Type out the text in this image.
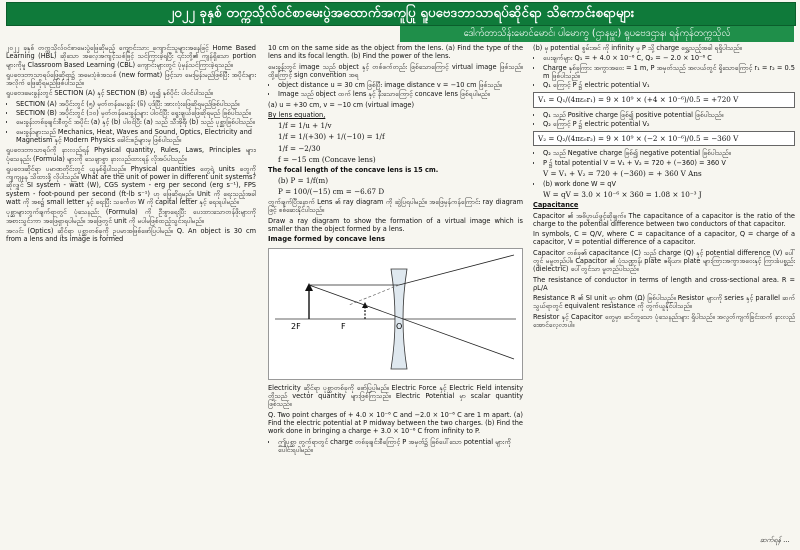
၂၀၂၂ ခုနှစ် တက္ကသိုလ်ဝင်စာမေးပွဲအထောက်အကူပြု ရူပဗေဒဘာသာရပ်ဆိုင်ရာ သိကောင်းစရာများ
ဒေါက်တာသိန်းမောင်မောင်၊ ပါမောက္ခ (ဌာနမှူး) ရူပဗေဒဌာန၊ ရန်ကုန်တက္ကသိုလ်

၂၀၂၂ ခုနှစ် တက္ကသိုလ်ဝင်စာမေးပွဲဖြေဆိုမည့် ကျောင်းသား ကျောင်းသူများအနေဖြင့် Home Based Learning (HBL) ဆိုသော အလေ့အကျင့်သစ်ဖြင့် သင်ကြားခဲ့ရပြီး ၎င်းတို့၏ ကျန်ရှိသော portion များကိုမူ Classroom Based Learning (CBL) ကျောင်းများတွင် ပုံမှန်သင်ကြားခဲ့ရသည်။

ရူပဗေဒဘာသာရပ်ဖြေဆိုရာ၌ အမေးပုံစံအသစ် (new format) ဖြင့်သာ မေးမြန်းမည်ဖြစ်ပြီး အပိုင်းများအလိုက် ဖြေဆိုရမည်ဖြစ်ပါသည်။

ရူပဗေဒမေးခွန်းတွင် SECTION (A) နှင့် SECTION (B) ဟူ၍ နှစ်ပိုင်း ပါဝင်ပါသည်။

• SECTION (A) အပိုင်းတွင် (၅) မှတ်တန်မေးခွန်း (၆) ပုဒ်ပြီး အားလုံးဖြေဆိုရမည်ဖြစ်ပါသည်။
• SECTION (B) အပိုင်းတွင် (၁၀) မှတ်တန်မေးခွန်းများ ပါဝင်ပြီး ရွေးချယ်ဖြေဆိုရမည် ဖြစ်ပါသည်။
• မေးခွန်းတစ်ခုချင်းစီတွင် အပိုင်း (a) နှင့် (b) ပါဝင်ပြီး (a) သည် သီအိုရီ၊ (b) သည် ပုစ္ဆာဖြစ်ပါသည်။
• မေးခွန်းများသည် Mechanics, Heat, Waves and Sound, Optics, Electricity and Magnetism နှင့် Modern Physics ခေါင်းစဉ်များမှ ဖြစ်ပါသည်။

ရူပဗေဒဘာသာရပ်ကို နားလည်ရန် Physical quantity, Rules, Laws, Principles များ၊ ပုံသေနည်း (Formula) များကို သေချာစွာ နားလည်ထားရန် လိုအပ်ပါသည်။

ရူပဗေဒဆိုင်ရာ ပမာဏတိုင်းတွင် ယူနစ်ရှိပါသည်။ Physical quantities တွေရဲ့ units တွေကို ကျကျနန သိထားဖို့ လိုပါသည်။ What are the unit of power in different unit systems? ဆိုလျှင် SI system - watt (W), CGS system - erg per second (erg s⁻¹), FPS system - foot-pound per second (ft-lb s⁻¹) ဟု ဖြေဆိုရမည်။ Unit ကို ရေးသည့်အခါ watt ကို အစ၌ small letter နှင့် ရေးပြီး သင်္ကေတ W ကို capital letter နှင့် ရေးရပါမည်။

ပုစ္ဆာများတွက်ချက်ရာတွင် ပုံသေနည်း (Formula) ကို ဦးစွာရေးပြီး ပေးထားသောတန်ဖိုးများကို အစားသွင်းကာ အဖြေရှာရပါမည်။ အဖြေတွင် unit ကို မပါမဖြစ်ထည့်သွင်းရပါမည်။

အလင်း (Optics) ဆိုင်ရာ ပုစ္ဆာတစ်ခုကို ဥပမာအဖြစ်ဖော်ပြပါမည်။ Q. An object is 30 cm from a lens and its image is formed

10 cm on the same side as the object from the lens. (a) Find the type of the lens and its focal length. (b) Find the power of the lens.

မေးခွန်းတွင် image သည် object နှင့် တစ်ဖက်တည်း ဖြစ်သောကြောင့် virtual image ဖြစ်သည်။ ထို့ကြောင့် sign convention အရ

• object distance u = 30 cm ဖြစ်ပြီး image distance v = −10 cm ဖြစ်သည်။
• Image သည် object ထက် lens နှင့် နီးသောကြောင့် concave lens ဖြစ်ရပါမည်။

(a) u = +30 cm, v = −10 cm (virtual image)

By lens equation,

1/f = 1/u + 1/v
1/f = 1/(+30) + 1/(−10) = 1/f
1/f = −2/30
f = −15 cm (Concave lens)

The focal length of the concave lens is 15 cm.

(b) P = 1/f(m)
P = 100/(−15) cm = −6.67 D

တွက်ချက်ပြီးနောက် Lens ၏ ray diagram ကို ဆွဲပြရပါမည်။ အဖြေမှန်ကန်ကြောင်း ray diagram ဖြင့် စစ်ဆေးနိုင်ပါသည်။

Draw a ray diagram to show the formation of a virtual image which is smaller than the object formed by a lens.

Image formed by concave lens
F	O
2F

Electricity ဆိုင်ရာ ပုစ္ဆာတစ်ခုကို ဖော်ပြပါမည်။ Electric Force နှင့် Electric Field intensity တို့သည် vector quantity များဖြစ်ကြသည်။ Electric Potential မှာ scalar quantity ဖြစ်သည်။

Q. Two point charges of + 4.0 × 10⁻⁶ C and −2.0 × 10⁻⁶ C are 1 m apart. (a) Find the electric potential at P midway between the two charges. (b) Find the work done in bringing a charge + 3.0 × 10⁻⁶ C from infinity to P.

• ဤပုစ္ဆာ တွက်ရာတွင် charge တစ်ခုချင်းစီကြောင့် P အမှတ်၌ ဖြစ်ပေါ်သော potential များကို ပေါင်းရပါမည်။

(b) မှ potential စွမ်းအင် ကို infinity မှ P သို့ charge ရွှေ့သည့်အခါ ရရှိပါသည်။

• ပေးချက်များ Q₁ = + 4.0 × 10⁻⁶ C, Q₂ = − 2.0 × 10⁻⁶ C
• Charge နှစ်ခုကြား အကွာအဝေး = 1 m, P အမှတ်သည် အလယ်တွင် ရှိသောကြောင့် r₁ = r₂ = 0.5 m ဖြစ်ပါသည်။
• Q₁ ကြောင့် P ၌ electric potential V₁
V₁ = Q₁/(4πε₀r₁) = 9 × 10⁹ × (+4 × 10⁻⁶)/0.5 = +720 V
• Q₁ သည် Positive charge ဖြစ်၍ positive potential ဖြစ်ပါသည်။
• Q₂ ကြောင့် P ၌ electric potential V₂
V₂ = Q₂/(4πε₀r₂) = 9 × 10⁹ × (−2 × 10⁻⁶)/0.5 = −360 V
• Q₂ သည် Negative charge ဖြစ်၍ negative potential ဖြစ်ပါသည်။
• P ၌ total potential V = V₁ + V₂ = 720 + (−360) = 360 V
V = V₁ + V₂ = 720 + (−360) = + 360 V Ans
• (b) work done W = qV
W = qV = 3.0 × 10⁻⁶ × 360 = 1.08 × 10⁻³ J

Capacitance

Capacitor ၏ အဓိပ္ပာယ်ဖွင့်ဆိုချက်။ The capacitance of a capacitor is the ratio of the charge to the potential difference between two conductors of that capacitor.

In symbols, C = Q/V, where C = capacitance of a capacitor, Q = charge of a capacitor, V = potential difference of a capacitor.

Capacitor တစ်ခု၏ capacitance (C) သည် charge (Q) နှင့် potential difference (V) ပေါ်တွင် မမူတည်ပါ။ Capacitor ၏ ပုံသဏ္ဌာန်၊ plate ဧရိယာ၊ plate များကြားအကွာအဝေးနှင့် ကြားခံပစ္စည်း (dielectric) ပေါ်တွင်သာ မူတည်ပါသည်။

The resistance of conductor in terms of length and cross-sectional area. R = ρL/A

Resistance R ၏ SI unit မှာ ohm (Ω) ဖြစ်ပါသည်။ Resistor များကို series နှင့် parallel ဆက်သွယ်ရာတွင် equivalent resistance ကို တွက်ယူနိုင်ပါသည်။

Resistor နှင့် Capacitor တွေမှာ ဆင်တူသော ပုံသေနည်းများ ရှိပါသည်။ အလွတ်ကျက်ခြင်းထက် နားလည်အောင်လေ့လာပါ။

ဆက်ရန် ...
